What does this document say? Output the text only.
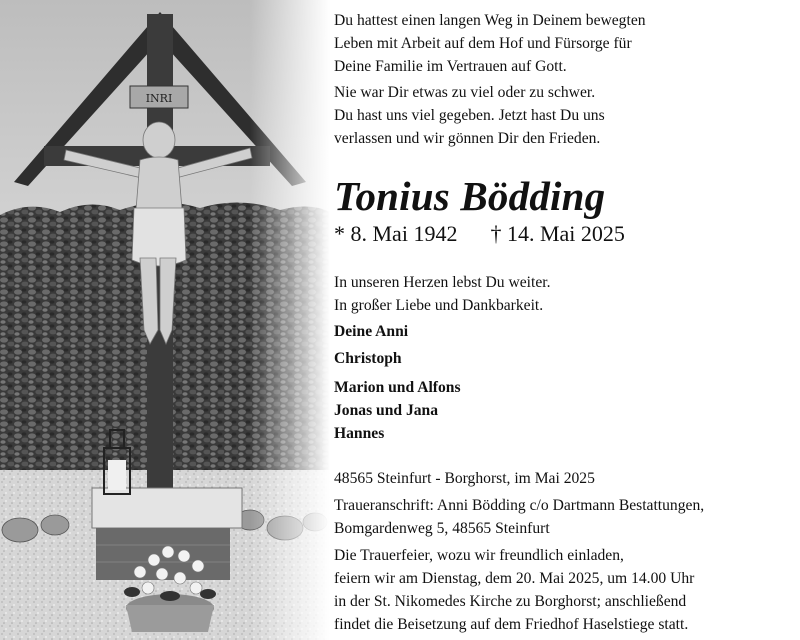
INRI
Du hattest einen langen Weg in Deinem bewegten
Leben mit Arbeit auf dem Hof und Fürsorge für
Deine Familie im Vertrauen auf Gott.
Nie war Dir etwas zu viel oder zu schwer.
Du hast uns viel gegeben. Jetzt hast Du uns
verlassen und wir gönnen Dir den Frieden.
Tonius Bödding
* 8. Mai 1942 † 14. Mai 2025
In unseren Herzen lebst Du weiter.
In großer Liebe und Dankbarkeit.
Deine Anni
Christoph
Marion und Alfons
Jonas und Jana
Hannes
48565 Steinfurt - Borghorst, im Mai 2025
Traueranschrift: Anni Bödding c/o Dartmann Bestattungen,
Bomgardenweg 5, 48565 Steinfurt
Die Trauerfeier, wozu wir freundlich einladen,
feiern wir am Dienstag, dem 20. Mai 2025, um 14.00 Uhr
in der St. Nikomedes Kirche zu Borghorst; anschließend
findet die Beisetzung auf dem Friedhof Haselstiege statt.
